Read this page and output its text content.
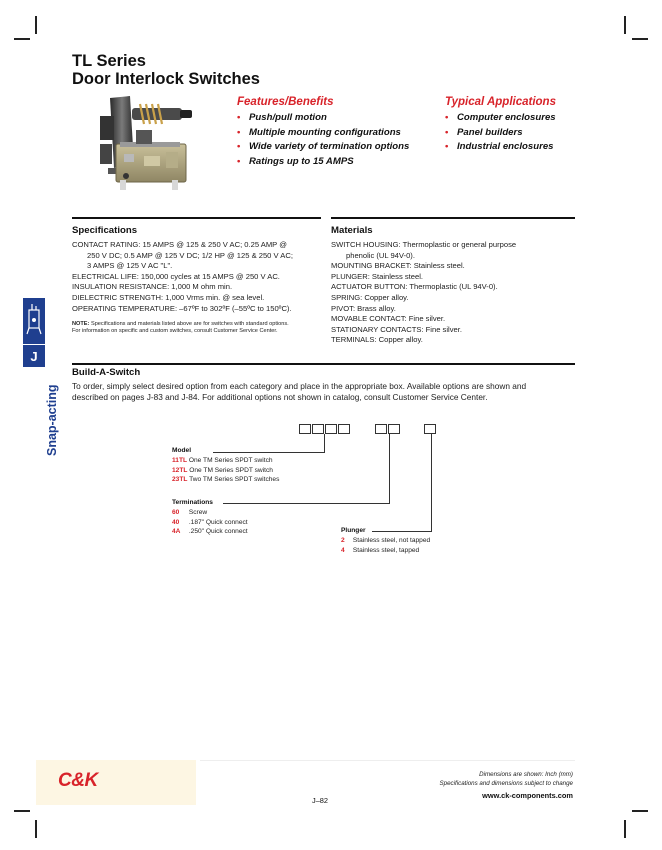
TL Series
Door Interlock Switches
Features/Benefits
• Push/pull motion
• Multiple mounting configurations
• Wide variety of termination options
• Ratings up to 15 AMPS
Typical Applications
• Computer enclosures
• Panel builders
• Industrial enclosures
Specifications

CONTACT RATING: 15 AMPS @ 125 & 250 V AC; 0.25 AMP @

250 V DC; 0.5 AMP @ 125 V DC; 1/2 HP @ 125 & 250 V AC;

3 AMPS @ 125 V AC "L".

ELECTRICAL LIFE: 150,000 cycles at 15 AMPS @ 250 V AC.

INSULATION RESISTANCE: 1,000 M ohm min.

DIELECTRIC STRENGTH: 1,000 Vrms min. @ sea level.

OPERATING TEMPERATURE: –67ºF to 302ºF (–55ºC to 150ºC).

NOTE: Specifications and materials listed above are for switches with standard options.
For information on specific and custom switches, consult Customer Service Center.
Materials

SWITCH HOUSING: Thermoplastic or general purpose

phenolic (UL 94V-0).

MOUNTING BRACKET: Stainless steel.

PLUNGER: Stainless steel.

ACTUATOR BUTTON: Thermoplastic (UL 94V-0).

SPRING: Copper alloy.

PIVOT: Brass alloy.

MOVABLE CONTACT: Fine silver.

STATIONARY CONTACTS: Fine silver.

TERMINALS: Copper alloy.

J
Snap-acting
Build-A-Switch
To order, simply select desired option from each category and place in the appropriate box. Available options are shown and
described on pages J-83 and J-84. For additional options not shown in catalog, consult Customer Service Center.
Model
11TL One TM Series SPDT switch
12TL One TM Series SPDT switch
23TL Two TM Series SPDT switches
Terminations
60 Screw
40 .187" Quick connect
4A .250" Quick connect	Plunger
2 Stainless steel, not tapped
4 Stainless steel, tapped
C&K	Dimensions are shown: Inch (mm)
Specifications and dimensions subject to change
www.ck-components.com
J–82
